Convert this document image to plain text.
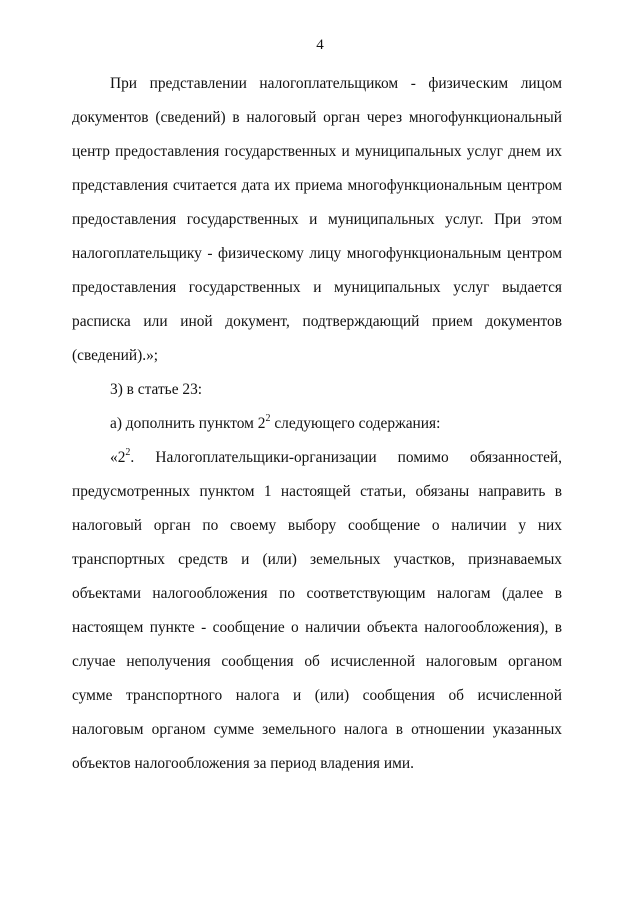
4

При представлении налогоплательщиком - физическим лицом документов (сведений) в налоговый орган через многофункциональный центр предоставления государственных и муниципальных услуг днем их представления считается дата их приема многофункциональным центром предоставления государственных и муниципальных услуг. При этом налогоплательщику - физическому лицу многофункциональным центром предоставления государственных и муниципальных услуг выдается расписка или иной документ, подтверждающий прием документов (сведений).»;

3) в статье 23:

а) дополнить пунктом $2^2$ следующего содержания:

«$2^2$. Налогоплательщики-организации помимо обязанностей, предусмотренных пунктом 1 настоящей статьи, обязаны направить в налоговый орган по своему выбору сообщение о наличии у них транспортных средств и (или) земельных участков, признаваемых объектами налогообложения по соответствующим налогам (далее в настоящем пункте - сообщение о наличии объекта налогообложения), в случае неполучения сообщения об исчисленной налоговым органом сумме транспортного налога и (или) сообщения об исчисленной налоговым органом сумме земельного налога в отношении указанных объектов налогообложения за период владения ими.
